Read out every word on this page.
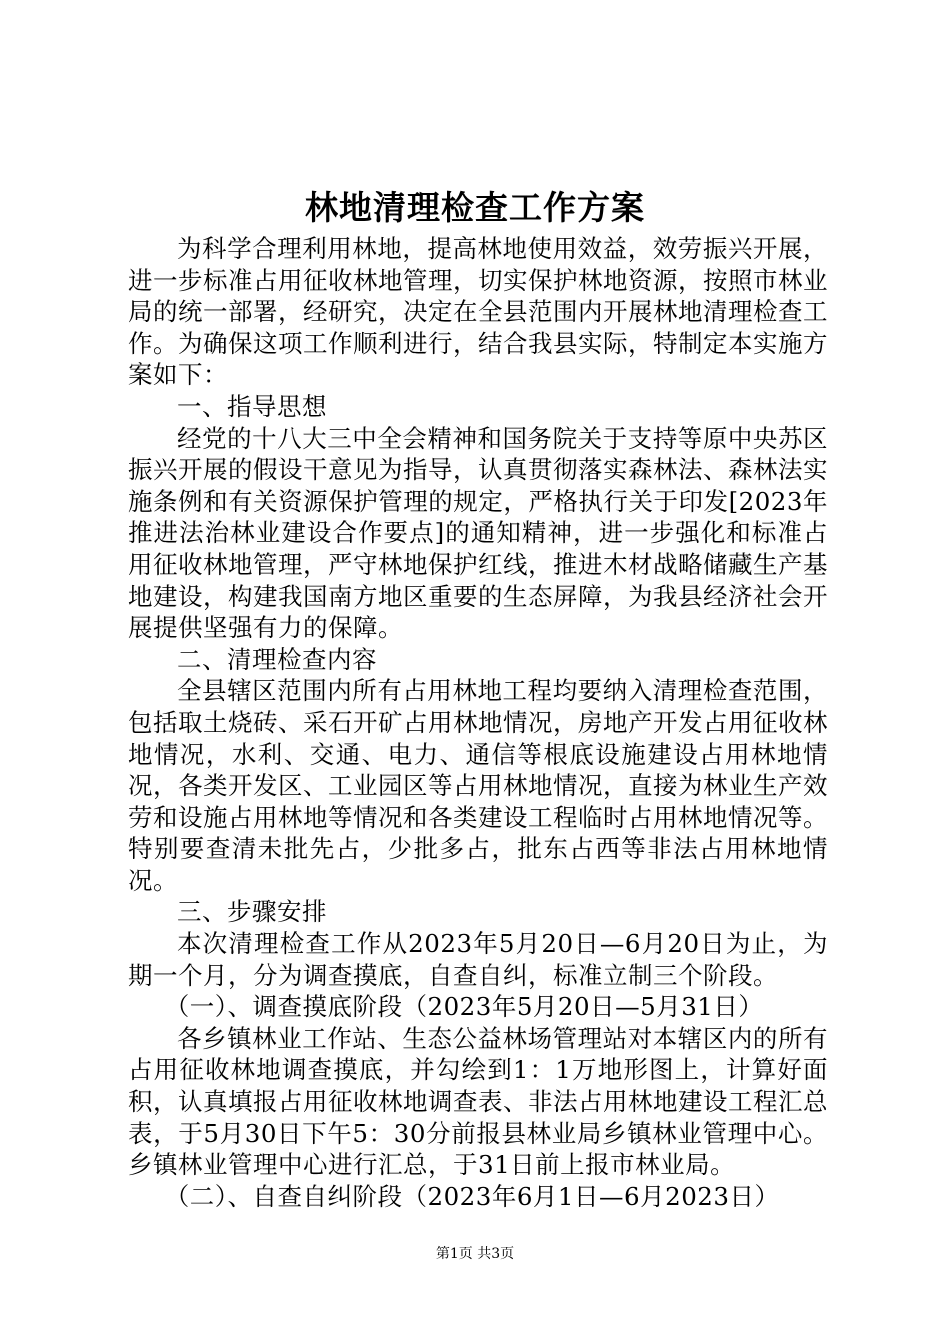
林地清理检查工作方案

为科学合理利用林地，提高林地使用效益，效劳振兴开展，进一步标准占用征收林地管理，切实保护林地资源，按照市林业局的统一部署，经研究，决定在全县范围内开展林地清理检查工作。为确保这项工作顺利进行，结合我县实际，特制定本实施方案如下：

一、指导思想

经党的十八大三中全会精神和国务院关于支持等原中央苏区振兴开展的假设干意见为指导，认真贯彻落实森林法、森林法实施条例和有关资源保护管理的规定，严格执行关于印发[2023年推进法治林业建设合作要点]的通知精神，进一步强化和标准占用征收林地管理，严守林地保护红线，推进木材战略储藏生产基地建设，构建我国南方地区重要的生态屏障，为我县经济社会开展提供坚强有力的保障。

二、清理检查内容

全县辖区范围内所有占用林地工程均要纳入清理检查范围，包括取土烧砖、采石开矿占用林地情况，房地产开发占用征收林地情况，水利、交通、电力、通信等根底设施建设占用林地情况，各类开发区、工业园区等占用林地情况，直接为林业生产效劳和设施占用林地等情况和各类建设工程临时占用林地情况等。特别要查清未批先占，少批多占，批东占西等非法占用林地情况。

三、步骤安排

本次清理检查工作从2023年5月20日—6月20日为止，为期一个月，分为调查摸底，自查自纠，标准立制三个阶段。

（一）、调查摸底阶段（2023年5月20日—5月31日）

各乡镇林业工作站、生态公益林场管理站对本辖区内的所有占用征收林地调查摸底，并勾绘到1：1万地形图上，计算好面积，认真填报占用征收林地调查表、非法占用林地建设工程汇总表，于5月30日下午5：30分前报县林业局乡镇林业管理中心。乡镇林业管理中心进行汇总，于31日前上报市林业局。

（二）、自查自纠阶段（2023年6月1日—6月2023日）

第1页 共3页
